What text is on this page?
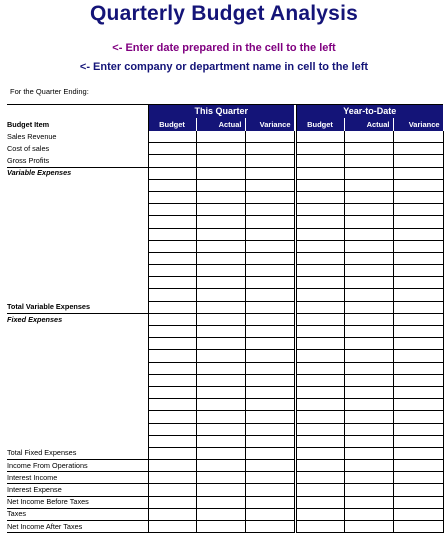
Quarterly Budget Analysis
<- Enter date prepared in the cell to the left
<- Enter company or department name in cell to the left
For the Quarter Ending:
	This Quarter				Year-to-Date		
Budget Item	Budget	Actual	Variance		Budget	Actual	Variance
Sales Revenue							
Cost of sales							
Gross Profits							
Variable Expenses							

Total Variable Expenses							
Fixed Expenses							

Total Fixed Expenses							
Income From Operations							
Interest Income							
Interest Expense							
Net Income Before Taxes							
Taxes							
Net Income After Taxes							
